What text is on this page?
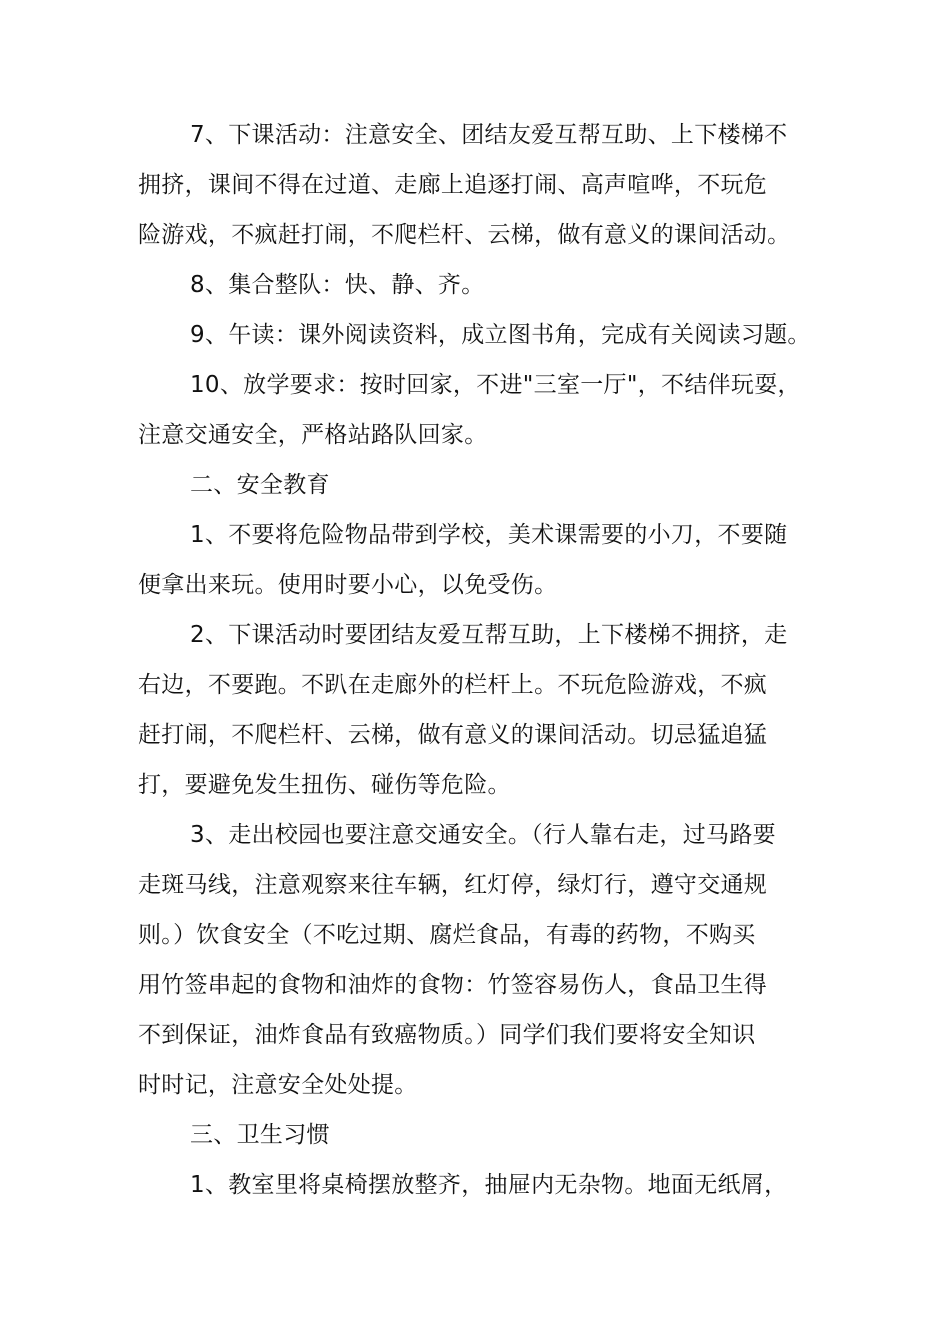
7、下课活动：注意安全、团结友爱互帮互助、上下楼梯不
拥挤，课间不得在过道、走廊上追逐打闹、高声喧哗，不玩危
险游戏，不疯赶打闹，不爬栏杆、云梯，做有意义的课间活动。
8、集合整队：快、静、齐。
9、午读：课外阅读资料，成立图书角，完成有关阅读习题。
10、放学要求：按时回家，不进"三室一厅"，不结伴玩耍，
注意交通安全，严格站路队回家。
二、安全教育
1、不要将危险物品带到学校，美术课需要的小刀，不要随
便拿出来玩。使用时要小心，以免受伤。
2、下课活动时要团结友爱互帮互助，上下楼梯不拥挤，走
右边，不要跑。不趴在走廊外的栏杆上。不玩危险游戏，不疯
赶打闹，不爬栏杆、云梯，做有意义的课间活动。切忌猛追猛
打，要避免发生扭伤、碰伤等危险。
3、走出校园也要注意交通安全。（行人靠右走，过马路要
走斑马线，注意观察来往车辆，红灯停，绿灯行，遵守交通规
则。）饮食安全（不吃过期、腐烂食品，有毒的药物，不购买
用竹签串起的食物和油炸的食物：竹签容易伤人，食品卫生得
不到保证，油炸食品有致癌物质。）同学们我们要将安全知识
时时记，注意安全处处提。
三、卫生习惯
1、教室里将桌椅摆放整齐，抽屉内无杂物。地面无纸屑，
